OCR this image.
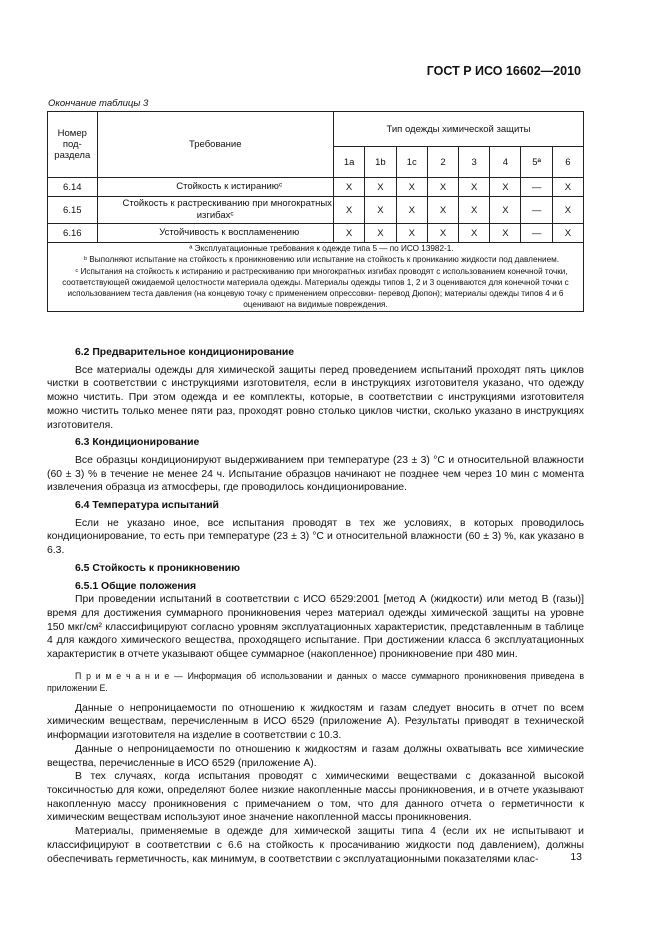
ГОСТ Р ИСО 16602—2010
Окончание таблицы 3
Номер под-раздела	Требование	Тип одежды химической защиты							
		1a	1b	1c	2	3	4	5ª	6
6.14	Стойкость к истираниюᶜ	X	X	X	X	X	X	—	X
6.15	Стойкость к растрескиванию при многократных изгибахᶜ	X	X	X	X	X	X	—	X
6.16	Устойчивость к воспламенению	X	X	X	X	X	X	—	X

ª Эксплуатационные требования к одежде типа 5 — по ИСО 13982-1.
ᵇ Выполняют испытание на стойкость к проникновению или испытание на стойкость к прониканию жидкости под давлением.
ᶜ Испытания на стойкость к истиранию и растрескиванию при многократных изгибах проводят с использованием конечной точки, соответствующей ожидаемой целостности материала одежды. Материалы одежды типов 1, 2 и 3 оцениваются для конечной точки с использованием теста давления (на концевую точку с применением опрессовки- перевод Дюпон); материалы одежды типов 4 и 6 оценивают на видимые повреждения.									
6.2 Предварительное кондиционирование

Все материалы одежды для химической защиты перед проведением испытаний проходят пять циклов чистки в соответствии с инструкциями изготовителя, если в инструкциях изготовителя указано, что одежду можно чистить. При этом одежда и ее комплекты, которые, в соответствии с инструкциями изготовителя можно чистить только менее пяти раз, проходят ровно столько циклов чистки, сколько указано в инструкциях изготовителя.

6.3 Кондиционирование

Все образцы кондиционируют выдерживанием при температуре (23 ± 3) °С и относительной влажности (60 ± 3) % в течение не менее 24 ч. Испытание образцов начинают не позднее чем через 10 мин с момента извлечения образца из атмосферы, где проводилось кондиционирование.

6.4 Температура испытаний

Если не указано иное, все испытания проводят в тех же условиях, в которых проводилось кондиционирование, то есть при температуре (23 ± 3) °С и относительной влажности (60 ± 3) %, как указано в 6.3.

6.5 Стойкость к проникновению
6.5.1 Общие положения

При проведении испытаний в соответствии с ИСО 6529:2001 [метод А (жидкости) или метод В (газы)] время для достижения суммарного проникновения через материал одежды химической защиты на уровне 150 мкг/см² классифицируют согласно уровням эксплуатационных характеристик, представленным в таблице 4 для каждого химического вещества, проходящего испытание. При достижении класса 6 эксплуатационных характеристик в отчете указывают общее суммарное (накопленное) проникновение при 480 мин.

П р и м е ч а н и е — Информация об использовании и данных о массе суммарного проникновения приведена в приложении Е.

Данные о непроницаемости по отношению к жидкостям и газам следует вносить в отчет по всем химическим веществам, перечисленным в ИСО 6529 (приложение А). Результаты приводят в технической информации изготовителя на изделие в соответствии с 10.3.

Данные о непроницаемости по отношению к жидкостям и газам должны охватывать все химические вещества, перечисленные в ИСО 6529 (приложение А).

В тех случаях, когда испытания проводят с химическими веществами с доказанной высокой токсичностью для кожи, определяют более низкие накопленные массы проникновения, и в отчете указывают накопленную массу проникновения с примечанием о том, что для данного отчета о герметичности к химическим веществам используют иное значение накопленной массы проникновения.

Материалы, применяемые в одежде для химической защиты типа 4 (если их не испытывают и классифицируют в соответствии с 6.6 на стойкость к просачиванию жидкости под давлением), должны обеспечивать герметичность, как минимум, в соответствии с эксплуатационными показателями клас-	13
